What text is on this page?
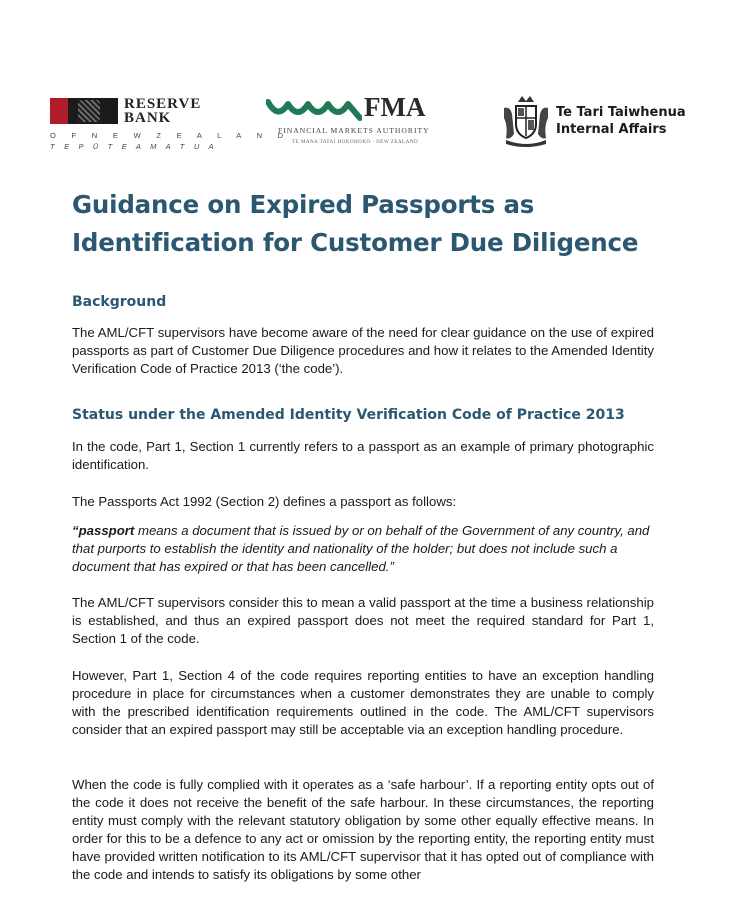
RESERVE
BANK
O F N E W Z E A L A N D
T E P Ū T E A M A T U A
FMA
FINANCIAL MARKETS AUTHORITY
TE MANA TATAI HOKOHOKO - NEW ZEALAND
Te Tari Taiwhenua
Internal Affairs
Guidance on Expired Passports as
Identification for Customer Due Diligence
Background

The AML/CFT supervisors have become aware of the need for clear guidance on the use of expired passports as part of Customer Due Diligence procedures and how it relates to the Amended Identity Verification Code of Practice 2013 (‘the code’).

Status under the Amended Identity Verification Code of Practice 2013

In the code, Part 1, Section 1 currently refers to a passport as an example of primary photographic identification.

The Passports Act 1992 (Section 2) defines a passport as follows:

“passport means a document that is issued by or on behalf of the Government of any country, and that purports to establish the identity and nationality of the holder; but does not include such a document that has expired or that has been cancelled.”

The AML/CFT supervisors consider this to mean a valid passport at the time a business relationship is established, and thus an expired passport does not meet the required standard for Part 1, Section 1 of the code.

However, Part 1, Section 4 of the code requires reporting entities to have an exception handling procedure in place for circumstances when a customer demonstrates they are unable to comply with the prescribed identification requirements outlined in the code. The AML/CFT supervisors consider that an expired passport may still be acceptable via an exception handling procedure.

When the code is fully complied with it operates as a ‘safe harbour’. If a reporting entity opts out of the code it does not receive the benefit of the safe harbour. In these circumstances, the reporting entity must comply with the relevant statutory obligation by some other equally effective means. In order for this to be a defence to any act or omission by the reporting entity, the reporting entity must have provided written notification to its AML/CFT supervisor that it has opted out of compliance with the code and intends to satisfy its obligations by some other
